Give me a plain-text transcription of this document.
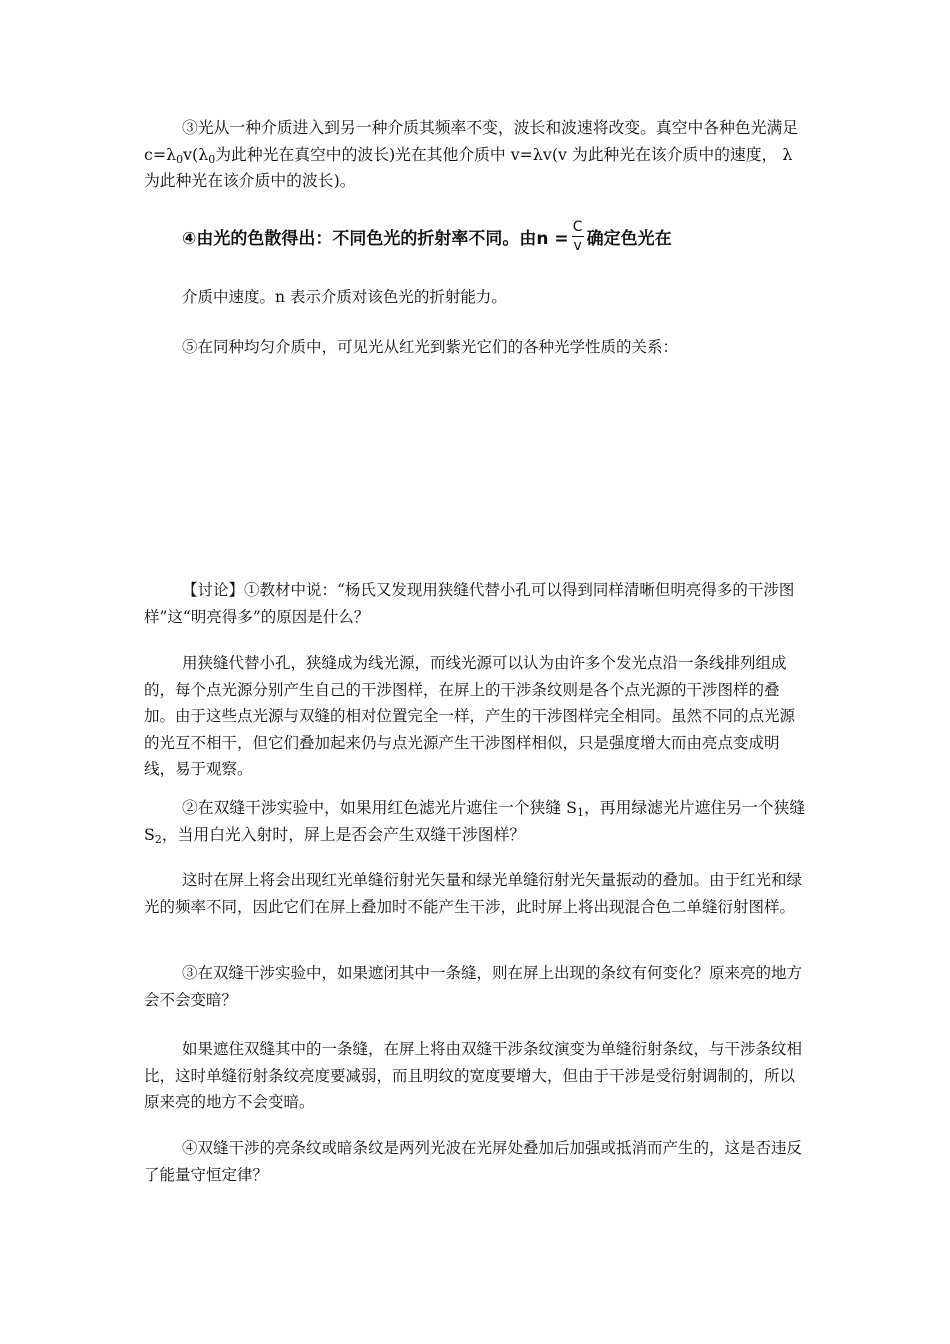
③光从一种介质进入到另一种介质其频率不变，波长和波速将改变。真空中各种色光满足 $c=\lambda_0v(\lambda_0$为此种光在真空中的波长)光在其他介质中 v=λv(v 为此种光在该介质中的速度， λ 为此种光在该介质中的波长)。

④由光的色散得出：不同色光的折射率不同。由$n = \frac{C}{v}$ 确定色光在

介质中速度。n 表示介质对该色光的折射能力。

⑤在同种均匀介质中，可见光从红光到紫光它们的各种光学性质的关系：

【讨论】①教材中说：“杨氏又发现用狭缝代替小孔可以得到同样清晰但明亮得多的干涉图样”这“明亮得多”的原因是什么？

用狭缝代替小孔，狭缝成为线光源，而线光源可以认为由许多个发光点沿一条线排列组成的，每个点光源分别产生自己的干涉图样，在屏上的干涉条纹则是各个点光源的干涉图样的叠加。由于这些点光源与双缝的相对位置完全一样，产生的干涉图样完全相同。虽然不同的点光源的光互不相干，但它们叠加起来仍与点光源产生干涉图样相似，只是强度增大而由亮点变成明线，易于观察。

②在双缝干涉实验中，如果用红色滤光片遮住一个狭缝 $S_1$，再用绿滤光片遮住另一个狭缝 $S_2$，当用白光入射时，屏上是否会产生双缝干涉图样？

这时在屏上将会出现红光单缝衍射光矢量和绿光单缝衍射光矢量振动的叠加。由于红光和绿光的频率不同，因此它们在屏上叠加时不能产生干涉，此时屏上将出现混合色二单缝衍射图样。

③在双缝干涉实验中，如果遮闭其中一条缝，则在屏上出现的条纹有何变化？原来亮的地方会不会变暗？

如果遮住双缝其中的一条缝，在屏上将由双缝干涉条纹演变为单缝衍射条纹，与干涉条纹相比，这时单缝衍射条纹亮度要减弱，而且明纹的宽度要增大，但由于干涉是受衍射调制的，所以原来亮的地方不会变暗。

④双缝干涉的亮条纹或暗条纹是两列光波在光屏处叠加后加强或抵消而产生的，这是否违反了能量守恒定律？
